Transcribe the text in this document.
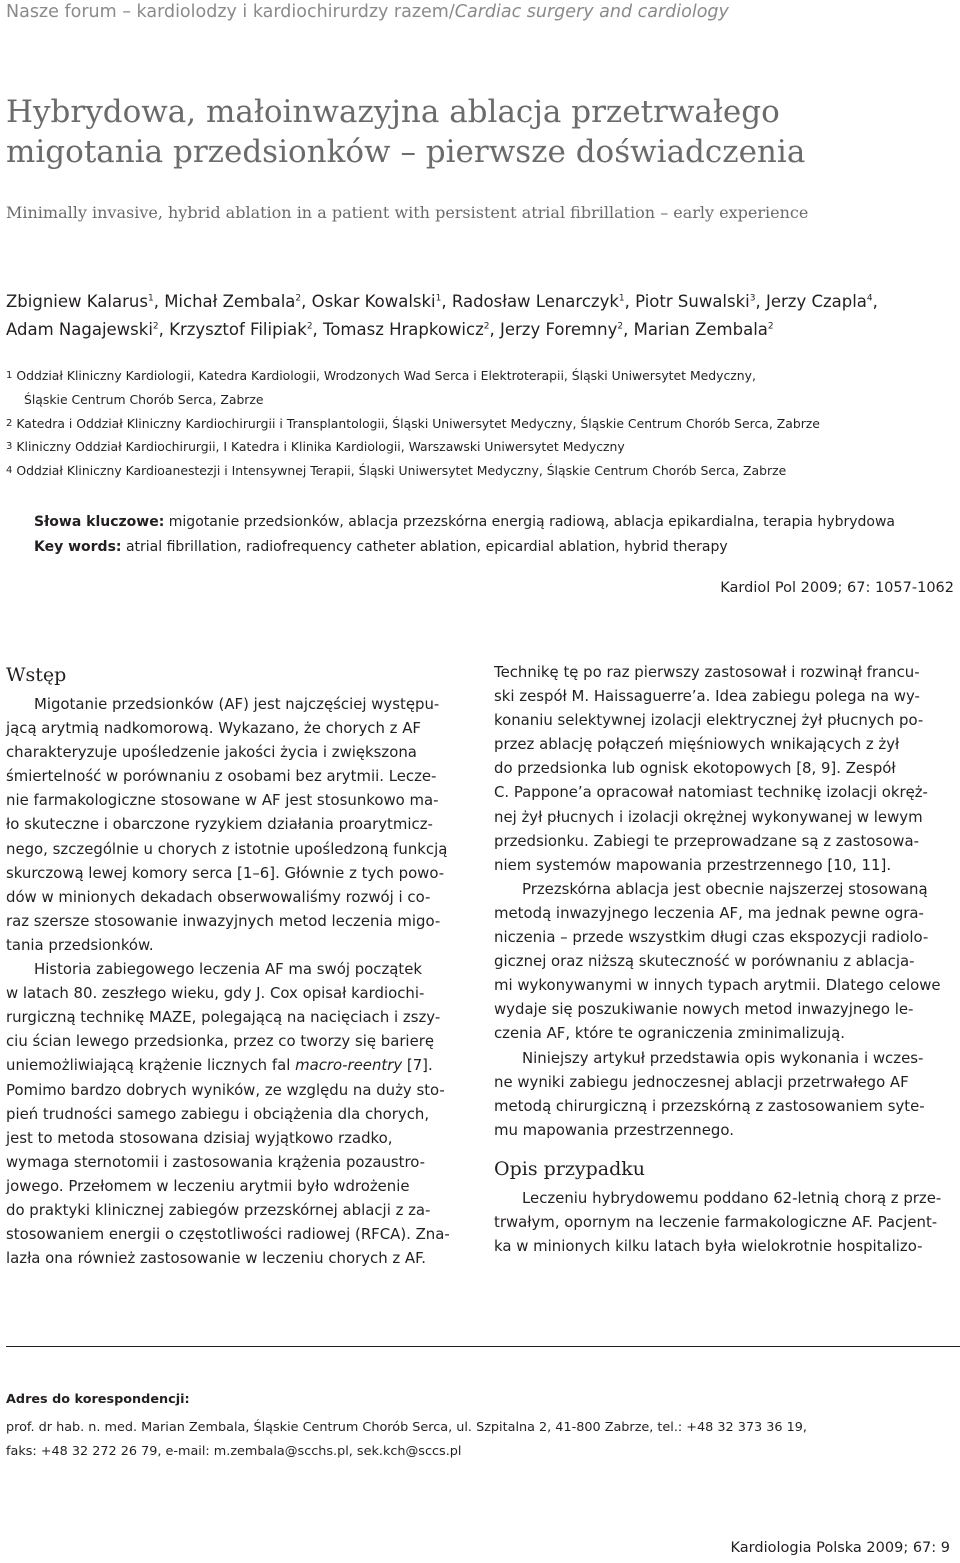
Nasze forum – kardiolodzy i kardiochirurdzy razem/Cardiac surgery and cardiology
Hybrydowa, małoinwazyjna ablacja przetrwałego
migotania przedsionków – pierwsze doświadczenia
Minimally invasive, hybrid ablation in a patient with persistent atrial fibrillation – early experience
Zbigniew Kalarus$^1$, Michał Zembala$^2$, Oskar Kowalski$^1$, Radosław Lenarczyk$^1$, Piotr Suwalski$^3$, Jerzy Czapla$^4$,
Adam Nagajewski$^2$, Krzysztof Filipiak$^2$, Tomasz Hrapkowicz$^2$, Jerzy Foremny$^2$, Marian Zembala$^2$
1 Oddział Kliniczny Kardiologii, Katedra Kardiologii, Wrodzonych Wad Serca i Elektroterapii, Śląski Uniwersytet Medyczny,
Śląskie Centrum Chorób Serca, Zabrze
2 Katedra i Oddział Kliniczny Kardiochirurgii i Transplantologii, Śląski Uniwersytet Medyczny, Śląskie Centrum Chorób Serca, Zabrze
3 Kliniczny Oddział Kardiochirurgii, I Katedra i Klinika Kardiologii, Warszawski Uniwersytet Medyczny
4 Oddział Kliniczny Kardioanestezji i Intensywnej Terapii, Śląski Uniwersytet Medyczny, Śląskie Centrum Chorób Serca, Zabrze
Słowa kluczowe: migotanie przedsionków, ablacja przezskórna energią radiową, ablacja epikardialna, terapia hybrydowa
Key words: atrial fibrillation, radiofrequency catheter ablation, epicardial ablation, hybrid therapy
Kardiol Pol 2009; 67: 1057-1062
Wstęp
Migotanie przedsionków (AF) jest najczęściej występu-
jącą arytmią nadkomorową. Wykazano, że chorych z AF
charakteryzuje upośledzenie jakości życia i zwiększona
śmiertelność w porównaniu z osobami bez arytmii. Lecze-
nie farmakologiczne stosowane w AF jest stosunkowo ma-
ło skuteczne i obarczone ryzykiem działania proarytmicz-
nego, szczególnie u chorych z istotnie upośledzoną funkcją
skurczową lewej komory serca [1–6]. Głównie z tych powo-
dów w minionych dekadach obserwowaliśmy rozwój i co-
raz szersze stosowanie inwazyjnych metod leczenia migo-
tania przedsionków.
Historia zabiegowego leczenia AF ma swój początek
w latach 80. zeszłego wieku, gdy J. Cox opisał kardiochi-
rurgiczną technikę MAZE, polegającą na nacięciach i zszy-
ciu ścian lewego przedsionka, przez co tworzy się barierę
uniemożliwiającą krążenie licznych fal macro-reentry [7].
Pomimo bardzo dobrych wyników, ze względu na duży sto-
pień trudności samego zabiegu i obciążenia dla chorych,
jest to metoda stosowana dzisiaj wyjątkowo rzadko,
wymaga sternotomii i zastosowania krążenia pozaustro-
jowego. Przełomem w leczeniu arytmii było wdrożenie
do praktyki klinicznej zabiegów przezskórnej ablacji z za-
stosowaniem energii o częstotliwości radiowej (RFCA). Zna-
lazła ona również zastosowanie w leczeniu chorych z AF.
Technikę tę po raz pierwszy zastosował i rozwinął francu-
ski zespół M. Haissaguerre’a. Idea zabiegu polega na wy-
konaniu selektywnej izolacji elektrycznej żył płucnych po-
przez ablację połączeń mięśniowych wnikających z żył
do przedsionka lub ognisk ekotopowych [8, 9]. Zespół
C. Pappone’a opracował natomiast technikę izolacji okręż-
nej żył płucnych i izolacji okrężnej wykonywanej w lewym
przedsionku. Zabiegi te przeprowadzane są z zastosowa-
niem systemów mapowania przestrzennego [10, 11].
Przezskórna ablacja jest obecnie najszerzej stosowaną
metodą inwazyjnego leczenia AF, ma jednak pewne ogra-
niczenia – przede wszystkim długi czas ekspozycji radiolo-
gicznej oraz niższą skuteczność w porównaniu z ablacja-
mi wykonywanymi w innych typach arytmii. Dlatego celowe
wydaje się poszukiwanie nowych metod inwazyjnego le-
czenia AF, które te ograniczenia zminimalizują.
Niniejszy artykuł przedstawia opis wykonania i wczes-
ne wyniki zabiegu jednoczesnej ablacji przetrwałego AF
metodą chirurgiczną i przezskórną z zastosowaniem syte-
mu mapowania przestrzennego.
Opis przypadku
Leczeniu hybrydowemu poddano 62-letnią chorą z prze-
trwałym, opornym na leczenie farmakologiczne AF. Pacjent-
ka w minionych kilku latach była wielokrotnie hospitalizo-
Adres do korespondencji:
prof. dr hab. n. med. Marian Zembala, Śląskie Centrum Chorób Serca, ul. Szpitalna 2, 41-800 Zabrze, tel.: +48 32 373 36 19,
faks: +48 32 272 26 79, e-mail: m.zembala@scchs.pl, sek.kch@sccs.pl
Kardiologia Polska 2009; 67: 9
